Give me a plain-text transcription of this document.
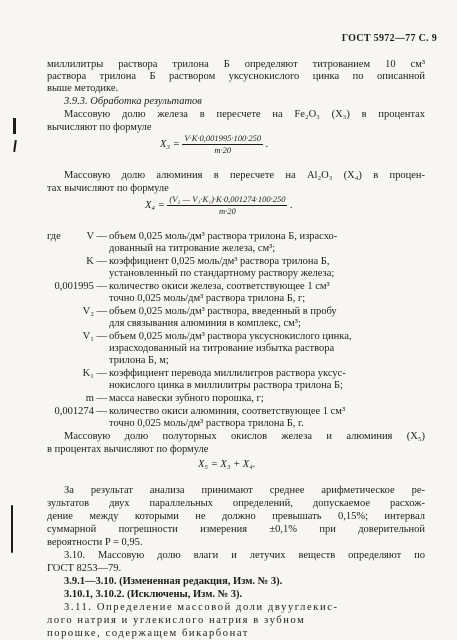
ГОСТ 5972—77 С. 9
миллилитры раствора трилона Б определяют титрованием 10 см³
раствора трилона Б раствором уксуснокислого цинка по описанной
выше методике.
3.9.3. Обработка результатов
Массовую долю железа в пересчете на Fe₂O₃ (X₃) в процентах
вычисляют по формуле
$X_3 = \frac{V\cdot K\cdot 0,001995\cdot 100\cdot 250}{m\cdot 20}$ .
Массовую долю алюминия в пересчете на Al₂O₃ (X₄) в процен-
тах вычисляют по формуле
$X_4 = \frac{\text{(V₂ — V₁·K₁)·K·0,001274·100·250}}{m\cdot 20}$ .
где	V — объем 0,025 моль/дм³ раствора трилона Б, израсхо-
дованный на титрование железа, см³;
K — коэффициент 0,025 моль/дм³ раствора трилона Б,
установленный по стандартному раствору железа;
0,001995 — количество окиси железа, соответствующее 1 см³
точно 0,025 моль/дм³ раствора трилона Б, г;
V₂ — объем 0,025 моль/дм³ раствора, введенный в пробу
для связывания алюминия в комплекс, см³;
V₁ — объем 0,025 моль/дм³ раствора уксуснокислого цинка,
израсходованный на титрование избытка раствора
трилона Б, м;
K₁ — коэффициент перевода миллилитров раствора уксус-
нокислого цинка в миллилитры раствора трилона Б;
m — масса навески зубного порошка, г;
0,001274 — количество окиси алюминия, соответствующее 1 см³
точно 0,025 моль/дм³ раствора трилона Б, г.
Массовую долю полуторных окислов железа и алюминия (X₅)
в процентах вычисляют по формуле
X₅ = X₃ + X₄.
За результат анализа принимают среднее арифметическое ре-
зультатов двух параллельных определений, допускаемое расхож-
дение между которыми не должно превышать 0,15%; интервал
суммарной погрешности измерения ±0,1% при доверительной
вероятности P = 0,95.
3.10. Массовую долю влаги и летучих веществ определяют по
ГОСТ 8253—79.
3.9.1—3.10. (Измененная редакция, Изм. № 3).
3.10.1, 3.10.2. (Исключены, Изм. № 3).
3.11. Определение массовой доли двууглекис-
лого натрия и углекислого натрия в зубном
порошке, содержащем бикарбонат
